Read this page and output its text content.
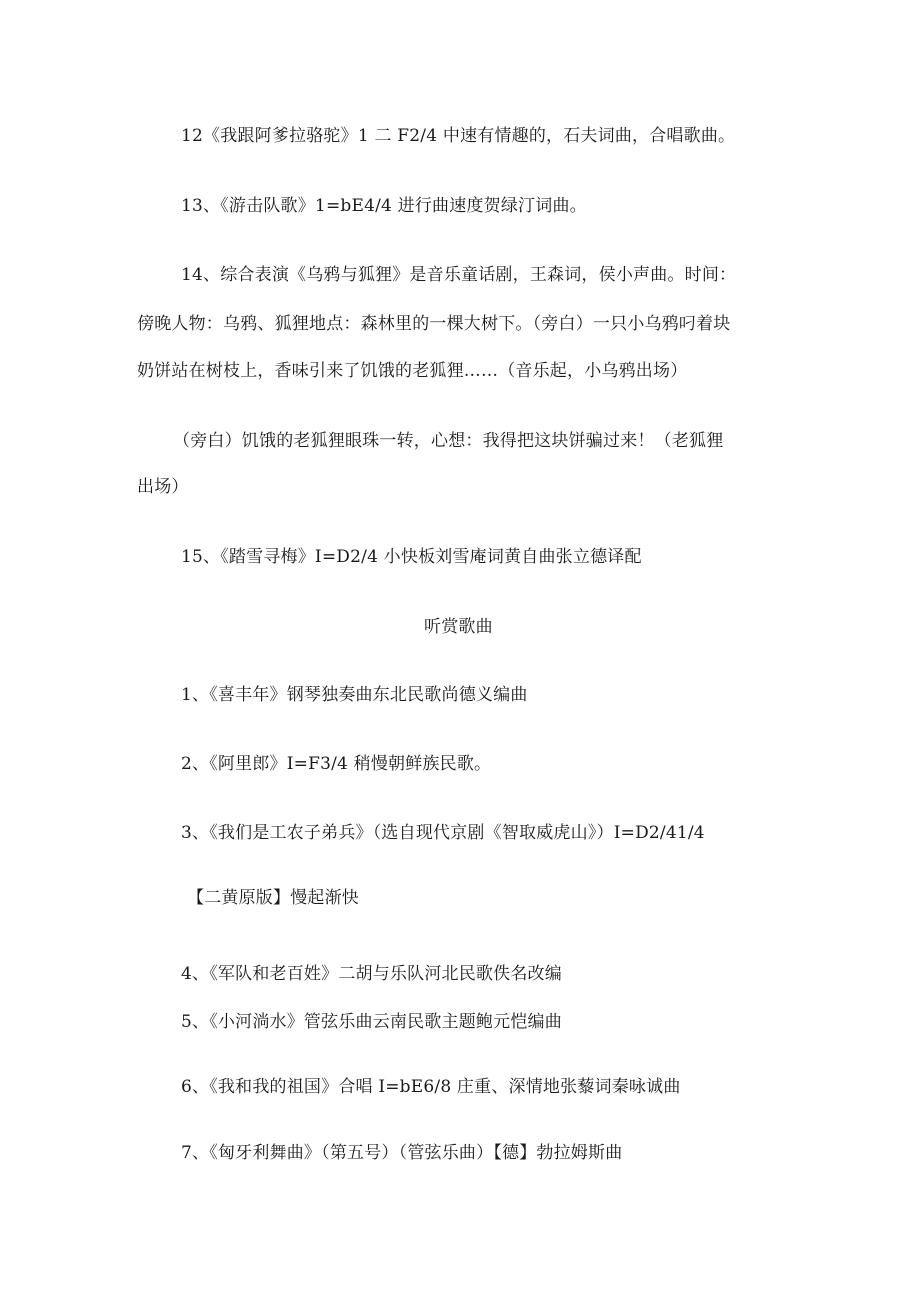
12《我跟阿爹拉骆驼》1 二 F2/4 中速有情趣的，石夫词曲，合唱歌曲。
13、《游击队歌》1=bE4/4 进行曲速度贺绿汀词曲。
14、综合表演《乌鸦与狐狸》是音乐童话剧，王森词，侯小声曲。时间：
傍晚人物：乌鸦、狐狸地点：森林里的一棵大树下。（旁白）一只小乌鸦叼着块
奶饼站在树枝上，香味引来了饥饿的老狐狸……（音乐起，小乌鸦出场）
（旁白）饥饿的老狐狸眼珠一转，心想：我得把这块饼骗过来！（老狐狸
出场）
15、《踏雪寻梅》I=D2/4 小快板刘雪庵词黄自曲张立德译配
听赏歌曲
1、《喜丰年》钢琴独奏曲东北民歌尚德义编曲
2、《阿里郎》I=F3/4 稍慢朝鲜族民歌。
3、《我们是工农子弟兵》（选自现代京剧《智取威虎山》）I=D2/41/4
【二黄原版】慢起渐快
4、《军队和老百姓》二胡与乐队河北民歌佚名改编
5、《小河淌水》管弦乐曲云南民歌主题鲍元恺编曲
6、《我和我的祖国》合唱 I=bE6/8 庄重、深情地张藜词秦咏诚曲
7、《匈牙利舞曲》（第五号）（管弦乐曲）【德】勃拉姆斯曲
